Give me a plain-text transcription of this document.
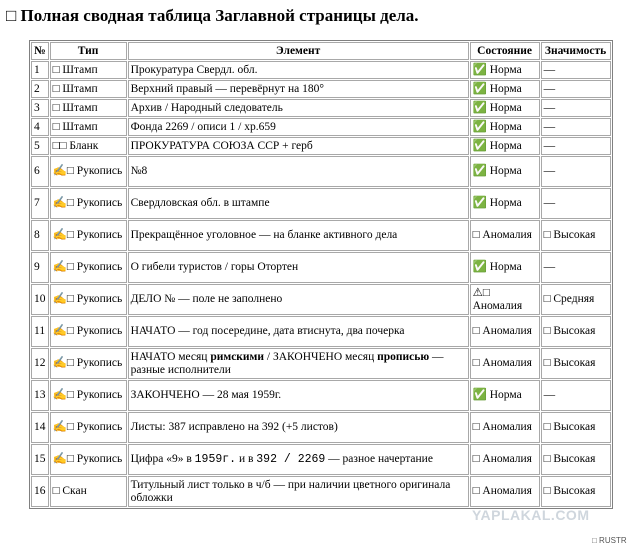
□ Полная сводная таблица Заглавной страницы дела.
№	Тип	Элемент	Состояние	Значимость
1	□ Штамп	Прокуратура Свердл. обл.	✅ Норма	—
2	□ Штамп	Верхний правый — перевёрнут на 180°	✅ Норма	—
3	□ Штамп	Архив / Народный следователь	✅ Норма	—
4	□ Штамп	Фонда 2269 / описи 1 / хр.659	✅ Норма	—
5	□□ Бланк	ПРОКУРАТУРА СОЮЗА ССР + герб	✅ Норма	—
6	✍□ Рукопись	№8	✅ Норма	—
7	✍□ Рукопись	Свердловская обл. в штампе	✅ Норма	—
8	✍□ Рукопись	Прекращённое уголовное — на бланке активного дела	□ Аномалия	□ Высокая
9	✍□ Рукопись	О гибели туристов / горы Отортен	✅ Норма	—
10	✍□ Рукопись	ДЕЛО № — поле не заполнено	⚠□ Аномалия	□ Средняя
11	✍□ Рукопись	НАЧАТО — год посередине, дата втиснута, два почерка	□ Аномалия	□ Высокая
12	✍□ Рукопись	НАЧАТО месяц римскими / ЗАКОНЧЕНО месяц прописью — разные исполнители	□ Аномалия	□ Высокая
13	✍□ Рукопись	ЗАКОНЧЕНО — 28 мая 1959г.	✅ Норма	—
14	✍□ Рукопись	Листы: 387 исправлено на 392 (+5 листов)	□ Аномалия	□ Высокая
15	✍□ Рукопись	Цифра «9» в 1959г. и в 392 / 2269 — разное начертание	□ Аномалия	□ Высокая
16	□ Скан	Титульный лист только в ч/б — при наличии цветного оригинала обложки	□ Аномалия	□ Высокая
YAPLAKAL.COM
□ RUSTR
